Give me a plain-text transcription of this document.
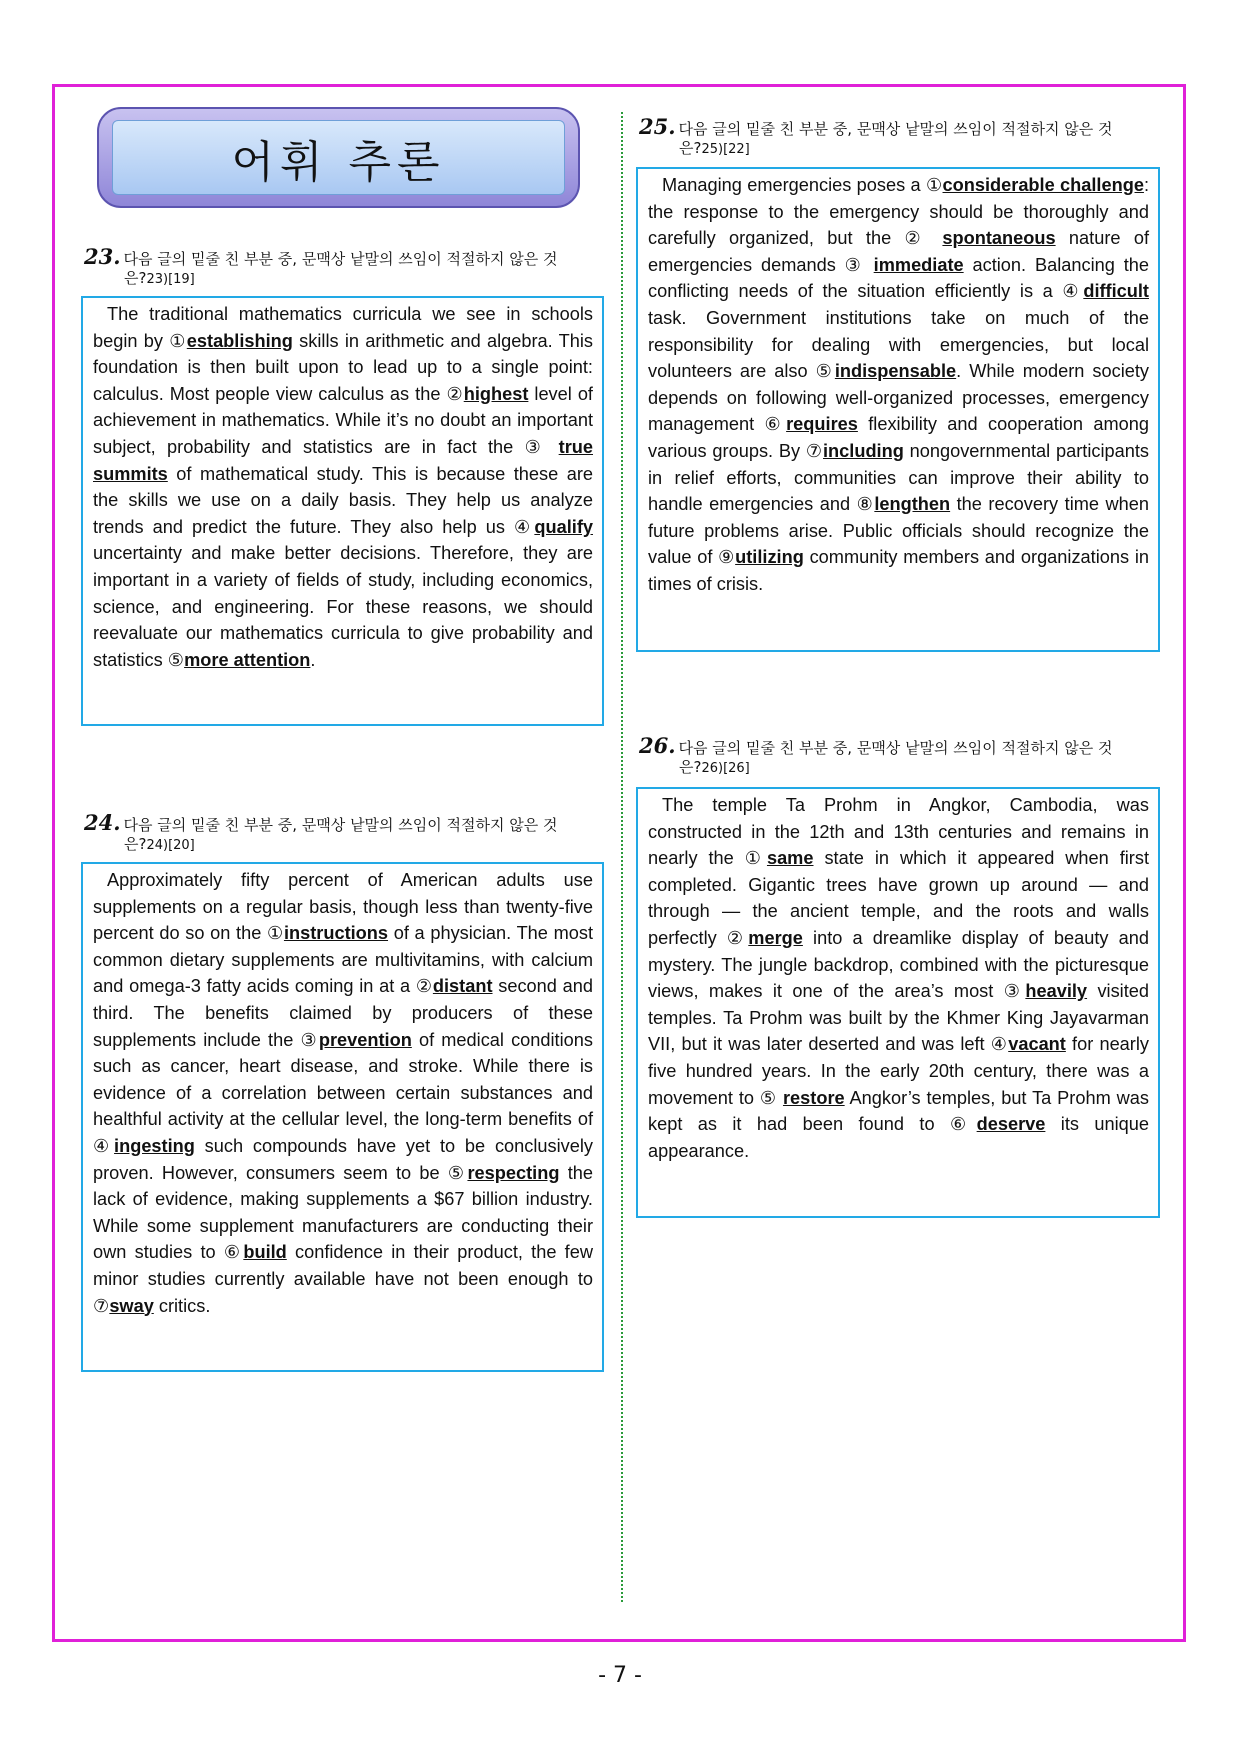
어휘 추론
23. 다음 글의 밑줄 친 부분 중, 문맥상 낱말의 쓰임이 적절하지 않은 것
은?23)[19]

The traditional mathematics curricula we see in schools begin by ①establishing skills in arithmetic and algebra. This foundation is then built upon to lead up to a single point: calculus. Most people view calculus as the ②highest level of achievement in mathematics. While it’s no doubt an important subject, probability and statistics are in fact the ③ true summits of mathematical study. This is because these are the skills we use on a daily basis. They help us analyze trends and predict the future. They also help us ④qualify uncertainty and make better decisions. Therefore, they are important in a variety of fields of study, including economics, science, and engineering. For these reasons, we should reevaluate our mathematics curricula to give probability and statistics ⑤more attention.

24. 다음 글의 밑줄 친 부분 중, 문맥상 낱말의 쓰임이 적절하지 않은 것
은?24)[20]

Approximately fifty percent of American adults use supplements on a regular basis, though less than twenty-five percent do so on the ①instructions of a physician. The most common dietary supplements are multivitamins, with calcium and omega-3 fatty acids coming in at a ②distant second and third. The benefits claimed by producers of these supplements include the ③prevention of medical conditions such as cancer, heart disease, and stroke. While there is evidence of a correlation between certain substances and healthful activity at the cellular level, the long-term benefits of ④ingesting such compounds have yet to be conclusively proven. However, consumers seem to be ⑤respecting the lack of evidence, making supplements a $67 billion industry. While some supplement manufacturers are conducting their own studies to ⑥build confidence in their product, the few minor studies currently available have not been enough to ⑦sway critics.

25. 다음 글의 밑줄 친 부분 중, 문맥상 낱말의 쓰임이 적절하지 않은 것
은?25)[22]

Managing emergencies poses a ①considerable challenge: the response to the emergency should be thoroughly and carefully organized, but the ② spontaneous nature of emergencies demands ③ immediate action. Balancing the conflicting needs of the situation efficiently is a ④difficult task. Government institutions take on much of the responsibility for dealing with emergencies, but local volunteers are also ⑤indispensable. While modern society depends on following well-organized processes, emergency management ⑥requires flexibility and cooperation among various groups. By ⑦including nongovernmental participants in relief efforts, communities can improve their ability to handle emergencies and ⑧lengthen the recovery time when future problems arise. Public officials should recognize the value of ⑨utilizing community members and organizations in times of crisis.

26. 다음 글의 밑줄 친 부분 중, 문맥상 낱말의 쓰임이 적절하지 않은 것
은?26)[26]

The temple Ta Prohm in Angkor, Cambodia, was constructed in the 12th and 13th centuries and remains in nearly the ①same state in which it appeared when first completed. Gigantic trees have grown up around — and through — the ancient temple, and the roots and walls perfectly ②merge into a dreamlike display of beauty and mystery. The jungle backdrop, combined with the picturesque views, makes it one of the area’s most ③heavily visited temples. Ta Prohm was built by the Khmer King Jayavarman VII, but it was later deserted and was left ④vacant for nearly five hundred years. In the early 20th century, there was a movement to ⑤ restore Angkor’s temples, but Ta Prohm was kept as it had been found to ⑥deserve its unique appearance.

- 7 -
